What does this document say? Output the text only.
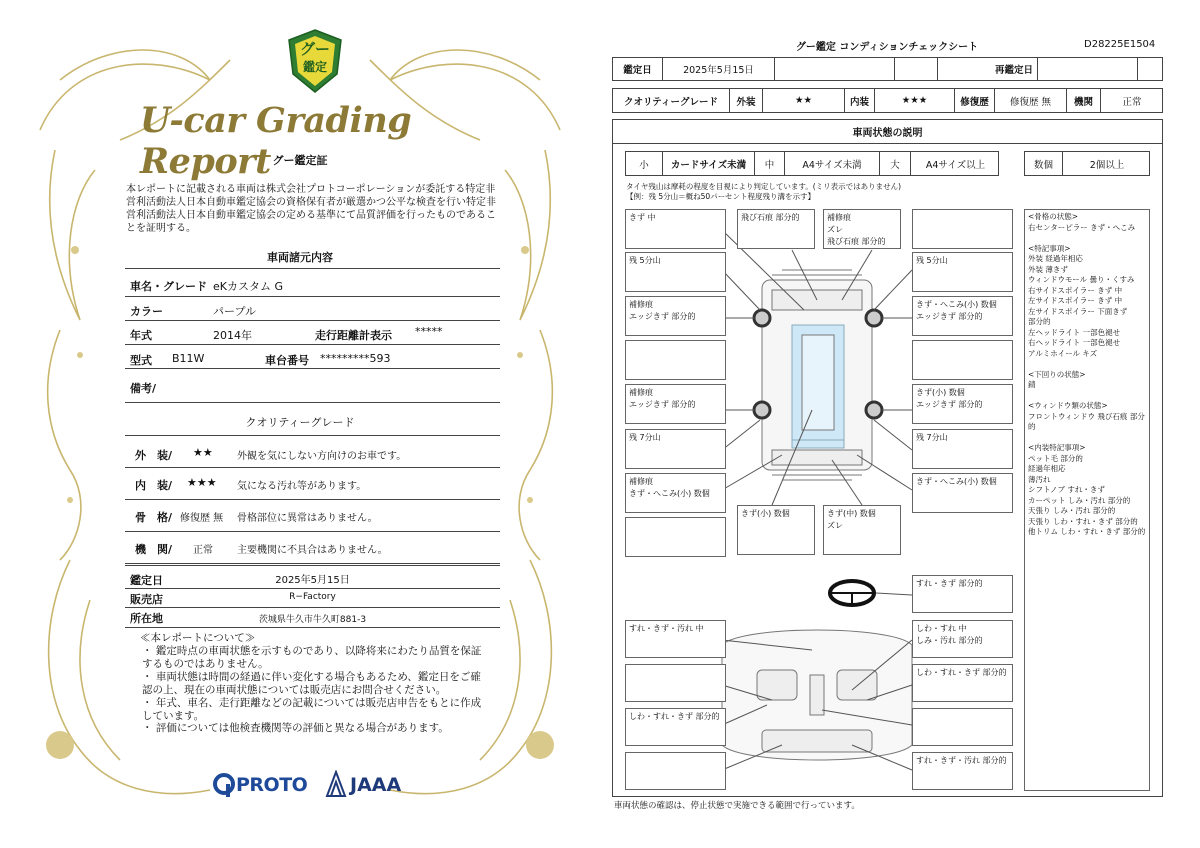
グー
鑑定
U-car Grading Report グー鑑定証
本レポートに記載される車両は株式会社プロトコーポレーションが委託する特定非営利活動法人日本自動車鑑定協会の資格保有者が厳選かつ公平な検査を行い特定非営利活動法人日本自動車鑑定協会の定める基準にて品質評価を行ったものであることを証明する。
車両諸元内容
車名・グレード eKカスタム G
カラー	パープル
年式	2014年	走行距離計表示 *****
型式 B11W	車台番号 *********593
備考/
クオリティーグレード
外　装/ ★★ 外観を気にしない方向けのお車です。
内　装/ ★★★ 気になる汚れ等があります。
骨　格/ 修復歴 無 骨格部位に異常はありません。
機　関/ 正常 主要機関に不具合はありません。
鑑定日	2025年5月15日
販売店	R−Factory
所在地	茨城県牛久市牛久町881-3
≪本レポートについて≫
・ 鑑定時点の車両状態を示すものであり、以降将来にわたり品質を保証するものではありません。
・ 車両状態は時間の経過に伴い変化する場合もあるため、鑑定日をご確認の上、現在の車両状態については販売店にお問合せください。
・ 年式、車名、走行距離などの記載については販売店申告をもとに作成しています。
・ 評価については他検査機関等の評価と異なる場合があります。
PROTO JAAA
グー鑑定 コンディションチェックシート	D28225E1504
鑑定日	2025年5月15日	再鑑定日
クオリティーグレード	外装	★★	内装	★★★	修復歴	修復歴 無	機関	正常
車両状態の説明
小	カードサイズ未満	中	A4サイズ未満	大	A4サイズ以上	数個	2個以上
タイヤ残山は摩耗の程度を目視により判定しています。(ミリ表示ではありません)
【例：残 5分山＝概ね50パーセント程度残り溝を示す】
きず 中	飛び石痕 部分的	補修痕
ズレ
飛び石痕 部分的
残 5分山	残 5分山
補修痕
エッジきず 部分的
きず・へこみ(小) 数個
エッジきず 部分的
補修痕
エッジきず 部分的
きず(小) 数個
エッジきず 部分的
残 7分山	残 7分山
補修痕
きず・へこみ(小) 数個
きず・へこみ(小) 数個
きず(小) 数個	きず(中) 数個
ズレ
すれ・きず 部分的
すれ・きず・汚れ 中	しわ・すれ 中
しみ・汚れ 部分的
しわ・すれ・きず 部分的
しわ・すれ・きず 部分的
すれ・きず・汚れ 部分的
<骨格の状態>
右センターピラー きず・へこみ

<特記事項>
外装 経過年相応
外装 薄きず
ウィンドウモール 曇り・くすみ
右サイドスポイラー きず 中
左サイドスポイラー きず 中
左サイドスポイラー 下面きず
部分的
左ヘッドライト 一部色褪せ
右ヘッドライト 一部色褪せ
アルミホイール キズ

<下回りの状態>
錆

<ウィンドウ類の状態>
フロントウィンドウ 飛び石痕 部分的

<内装特記事項>
ペット毛 部分的
経過年相応
薄汚れ
シフトノブ すれ・きず
カーペット しみ・汚れ 部分的
天張り しみ・汚れ 部分的
天張り しわ・すれ・きず 部分的
他トリム しわ・すれ・きず 部分的
車両状態の確認は、停止状態で実施できる範囲で行っています。
